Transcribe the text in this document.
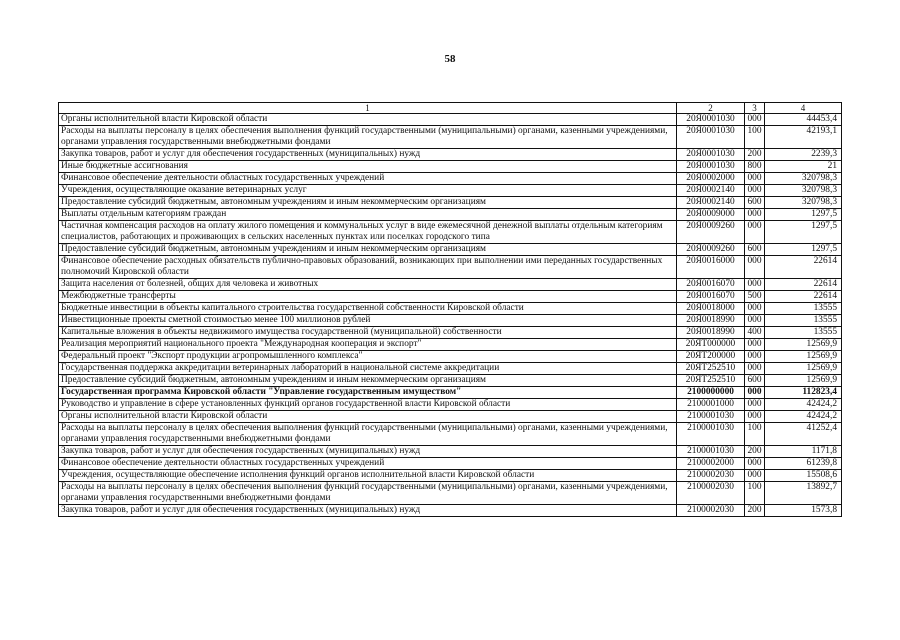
58
1	2	3	4
Органы исполнительной власти Кировской области	20Я0001030	000	44453,4
Расходы на выплаты персоналу в целях обеспечения выполнения функций государственными (муниципальными) органами, казенными учреждениями, органами управления государственными внебюджетными фондами	20Я0001030	100	42193,1
Закупка товаров, работ и услуг для обеспечения государственных (муниципальных) нужд	20Я0001030	200	2239,3
Иные бюджетные ассигнования	20Я0001030	800	21
Финансовое обеспечение деятельности областных государственных учреждений	20Я0002000	000	320798,3
Учреждения, осуществляющие оказание ветеринарных услуг	20Я0002140	000	320798,3
Предоставление субсидий бюджетным, автономным учреждениям и иным некоммерческим организациям	20Я0002140	600	320798,3
Выплаты отдельным категориям граждан	20Я0009000	000	1297,5
Частичная компенсация расходов на оплату жилого помещения и коммунальных услуг в виде ежемесячной денежной выплаты отдельным категориям специалистов, работающих и проживающих в сельских населенных пунктах или поселках городского типа	20Я0009260	000	1297,5
Предоставление субсидий бюджетным, автономным учреждениям и иным некоммерческим организациям	20Я0009260	600	1297,5
Финансовое обеспечение расходных обязательств публично-правовых образований, возникающих при выполнении ими переданных государственных полномочий Кировской области	20Я0016000	000	22614
Защита населения от болезней, общих для человека и животных	20Я0016070	000	22614
Межбюджетные трансферты	20Я0016070	500	22614
Бюджетные инвестиции в объекты капитального строительства государственной собственности Кировской области	20Я0018000	000	13555
Инвестиционные проекты сметной стоимостью менее 100 миллионов рублей	20Я0018990	000	13555
Капитальные вложения в объекты недвижимого имущества государственной (муниципальной) собственности	20Я0018990	400	13555
Реализация мероприятий национального проекта "Международная кооперация и экспорт"	20ЯТ000000	000	12569,9
Федеральный проект "Экспорт продукции агропромышленного комплекса"	20ЯТ200000	000	12569,9
Государственная поддержка аккредитации ветеринарных лабораторий в национальной системе аккредитации	20ЯТ252510	000	12569,9
Предоставление субсидий бюджетным, автономным учреждениям и иным некоммерческим организациям	20ЯТ252510	600	12569,9
Государственная программа Кировской области "Управление государственным имуществом"	2100000000	000	112823,4
Руководство и управление в сфере установленных функций органов государственной власти Кировской области	2100001000	000	42424,2
Органы исполнительной власти Кировской области	2100001030	000	42424,2
Расходы на выплаты персоналу в целях обеспечения выполнения функций государственными (муниципальными) органами, казенными учреждениями, органами управления государственными внебюджетными фондами	2100001030	100	41252,4
Закупка товаров, работ и услуг для обеспечения государственных (муниципальных) нужд	2100001030	200	1171,8
Финансовое обеспечение деятельности областных государственных учреждений	2100002000	000	61239,8
Учреждения, осуществляющие обеспечение исполнения функций органов исполнительной власти Кировской области	2100002030	000	15508,6
Расходы на выплаты персоналу в целях обеспечения выполнения функций государственными (муниципальными) органами, казенными учреждениями, органами управления государственными внебюджетными фондами	2100002030	100	13892,7
Закупка товаров, работ и услуг для обеспечения государственных (муниципальных) нужд	2100002030	200	1573,8
